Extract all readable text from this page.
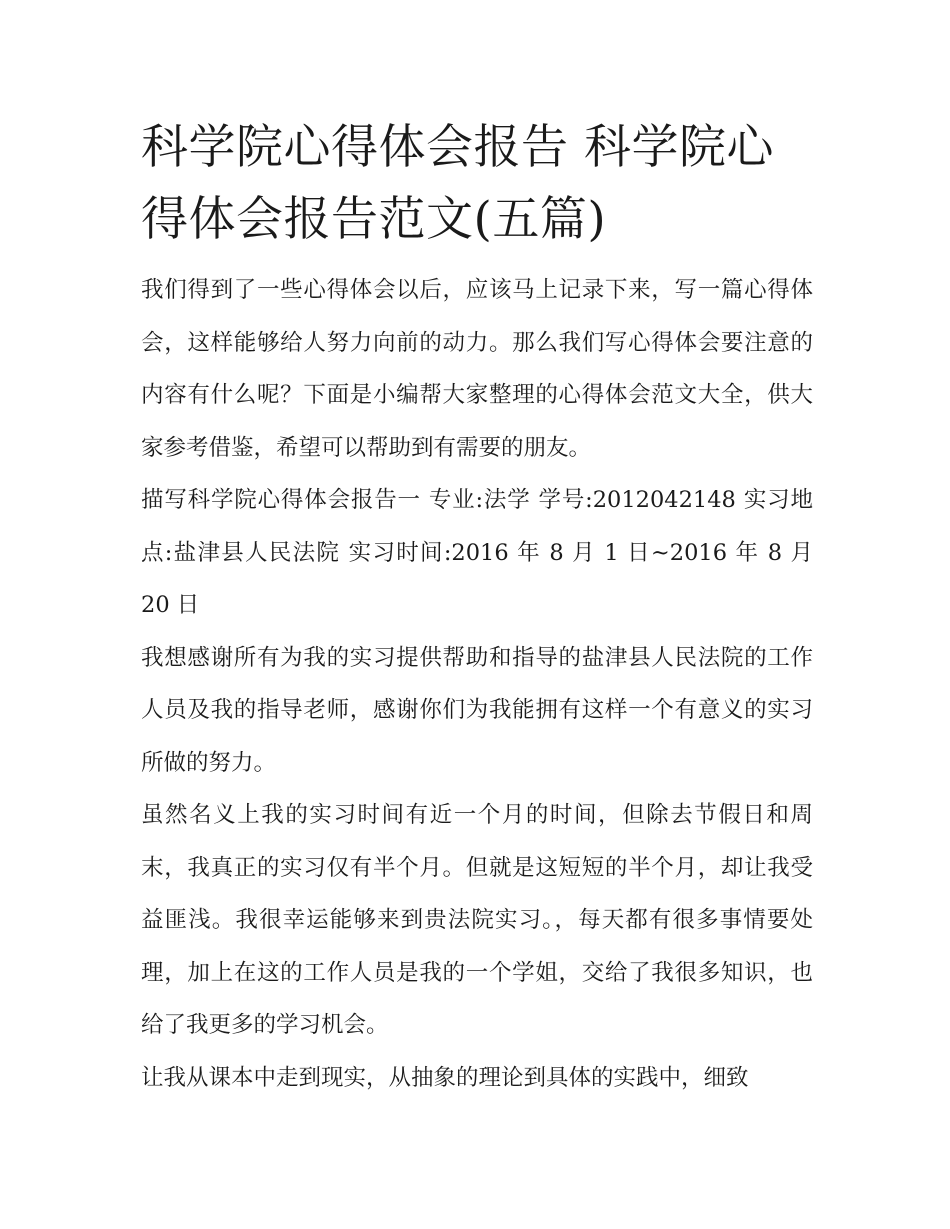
科学院心得体会报告 科学院心得体会报告范文(五篇)

我们得到了一些心得体会以后，应该马上记录下来，写一篇心得体会，这样能够给人努力向前的动力。那么我们写心得体会要注意的内容有什么呢？下面是小编帮大家整理的心得体会范文大全，供大家参考借鉴，希望可以帮助到有需要的朋友。

描写科学院心得体会报告一 专业:法学 学号:2012042148 实习地点:盐津县人民法院 实习时间:2016 年 8 月 1 日~2016 年 8 月 20 日

我想感谢所有为我的实习提供帮助和指导的盐津县人民法院的工作人员及我的指导老师，感谢你们为我能拥有这样一个有意义的实习所做的努力。

虽然名义上我的实习时间有近一个月的时间，但除去节假日和周末，我真正的实习仅有半个月。但就是这短短的半个月，却让我受益匪浅。我很幸运能够来到贵法院实习。，每天都有很多事情要处理，加上在这的工作人员是我的一个学姐，交给了我很多知识，也给了我更多的学习机会。

让我从课本中走到现实，从抽象的理论到具体的实践中，细致
